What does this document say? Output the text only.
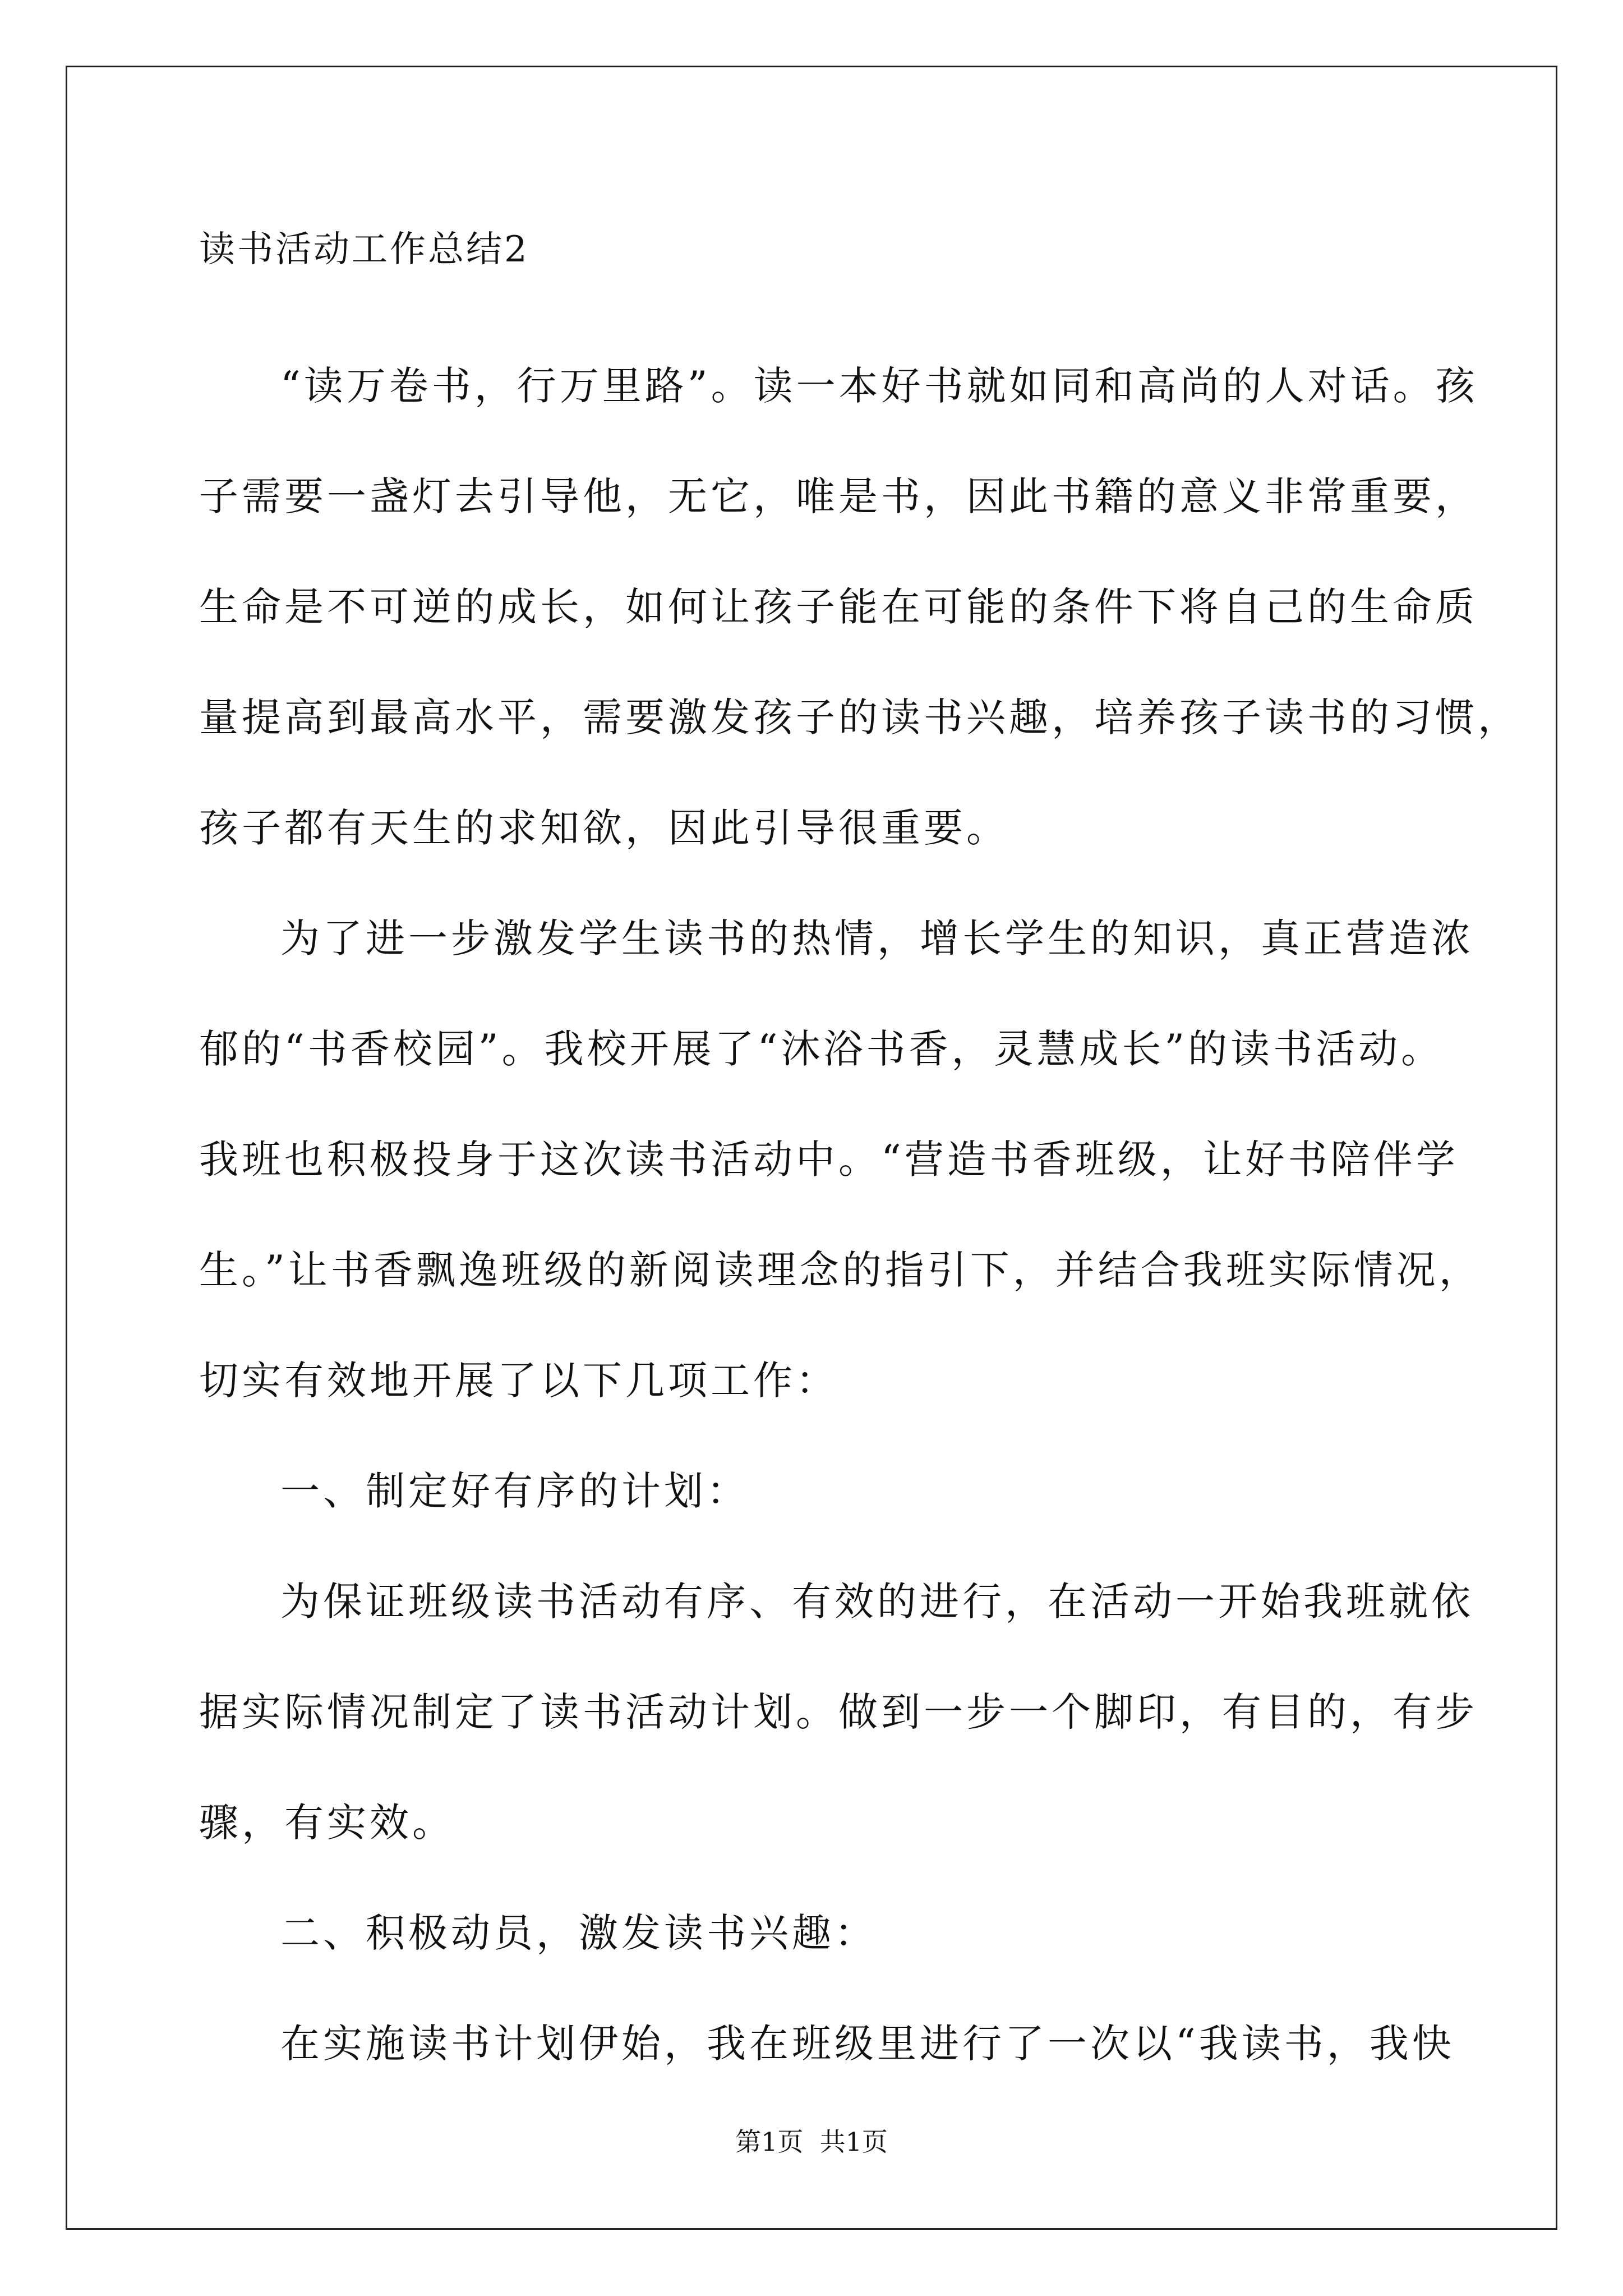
读书活动工作总结2
“读万卷书，行万里路”。读一本好书就如同和高尚的人对话。孩
子需要一盏灯去引导他，无它，唯是书，因此书籍的意义非常重要，
生命是不可逆的成长，如何让孩子能在可能的条件下将自己的生命质
量提高到最高水平，需要激发孩子的读书兴趣，培养孩子读书的习惯，
孩子都有天生的求知欲，因此引导很重要。
为了进一步激发学生读书的热情，增长学生的知识，真正营造浓
郁的“书香校园”。我校开展了“沐浴书香，灵慧成长”的读书活动。
我班也积极投身于这次读书活动中。“营造书香班级，让好书陪伴学
生。”让书香飘逸班级的新阅读理念的指引下，并结合我班实际情况，
切实有效地开展了以下几项工作：
一、制定好有序的计划：
为保证班级读书活动有序、有效的进行，在活动一开始我班就依
据实际情况制定了读书活动计划。做到一步一个脚印，有目的，有步
骤，有实效。
二、积极动员，激发读书兴趣：
在实施读书计划伊始，我在班级里进行了一次以“我读书，我快
第1页  共1页
